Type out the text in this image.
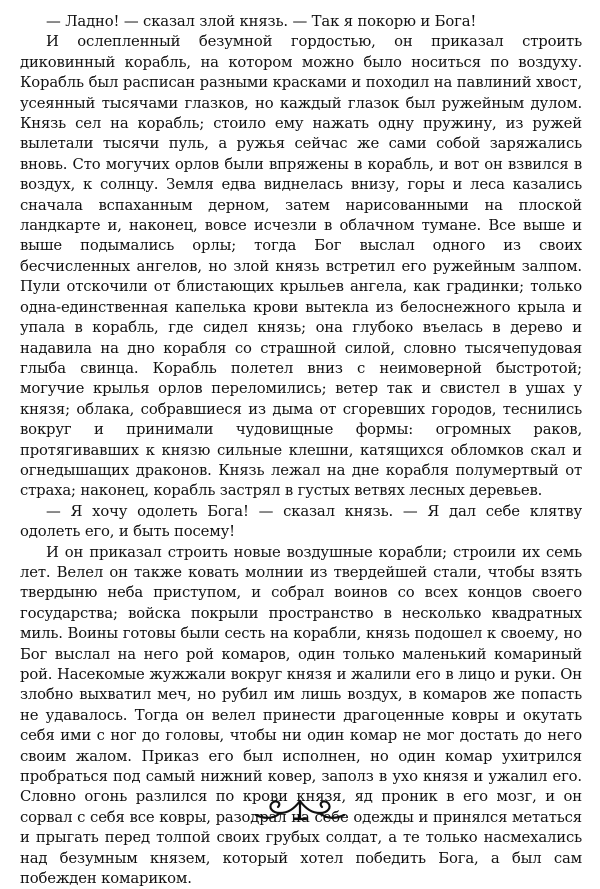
— Ладно! — сказал злой князь. — Так я покорю и Бога!

И ослепленный безумной гордостью, он приказал строить диковинный корабль, на котором можно было носиться по воздуху. Корабль был расписан разными красками и походил на павлиний хвост, усеянный тысячами глазков, но каждый глазок был ружейным дулом. Князь сел на корабль; стоило ему нажать одну пружину, из ружей вылетали тысячи пуль, а ружья сейчас же сами собой заряжались вновь. Сто могучих орлов были впряжены в корабль, и вот он взвился в воздух, к солнцу. Земля едва виднелась внизу, горы и леса казались сначала вспаханным дерном, затем нарисованными на плоской ландкарте и, наконец, вовсе исчезли в облачном тумане. Все выше и выше подымались орлы; тогда Бог выслал одного из своих бесчисленных ангелов, но злой князь встретил его ружейным залпом. Пули отскочили от блистающих крыльев ангела, как градинки; только одна-единственная капелька крови вытекла из белоснежного крыла и упала в корабль, где сидел князь; она глубоко въелась в дерево и надавила на дно корабля со страшной силой, словно тысячепудовая глыба свинца. Корабль полетел вниз с неимоверной быстротой; могучие крылья орлов переломились; ветер так и свистел в ушах у князя; облака, собравшиеся из дыма от сгоревших городов, теснились вокруг и принимали чудовищные формы: огромных раков, протягивавших к князю сильные клешни, катящихся обломков скал и огнедышащих драконов. Князь лежал на дне корабля полумертвый от страха; наконец, корабль застрял в густых ветвях лесных деревьев.

— Я хочу одолеть Бога! — сказал князь. — Я дал себе клятву одолеть его, и быть посему!

И он приказал строить новые воздушные корабли; строили их семь лет. Велел он также ковать молнии из твердейшей стали, чтобы взять твердыню неба приступом, и собрал воинов со всех концов своего государства; войска покрыли пространство в несколько квадратных миль. Воины готовы были сесть на корабли, князь подошел к своему, но Бог выслал на него рой комаров, один только маленький комариный рой. Насекомые жужжали вокруг князя и жалили его в лицо и руки. Он злобно выхватил меч, но рубил им лишь воздух, в комаров же попасть не удавалось. Тогда он велел принести драгоценные ковры и окутать себя ими с ног до головы, чтобы ни один комар не мог достать до него своим жалом. Приказ его был исполнен, но один комар ухитрился пробраться под самый нижний ковер, заполз в ухо князя и ужалил его. Словно огонь разлился по крови князя, яд проник в его мозг, и он сорвал с себя все ковры, разодрал на себе одежды и принялся метаться и прыгать перед толпой своих грубых солдат, а те только насмехались над безумным князем, который хотел победить Бога, а был сам побежден комариком.
